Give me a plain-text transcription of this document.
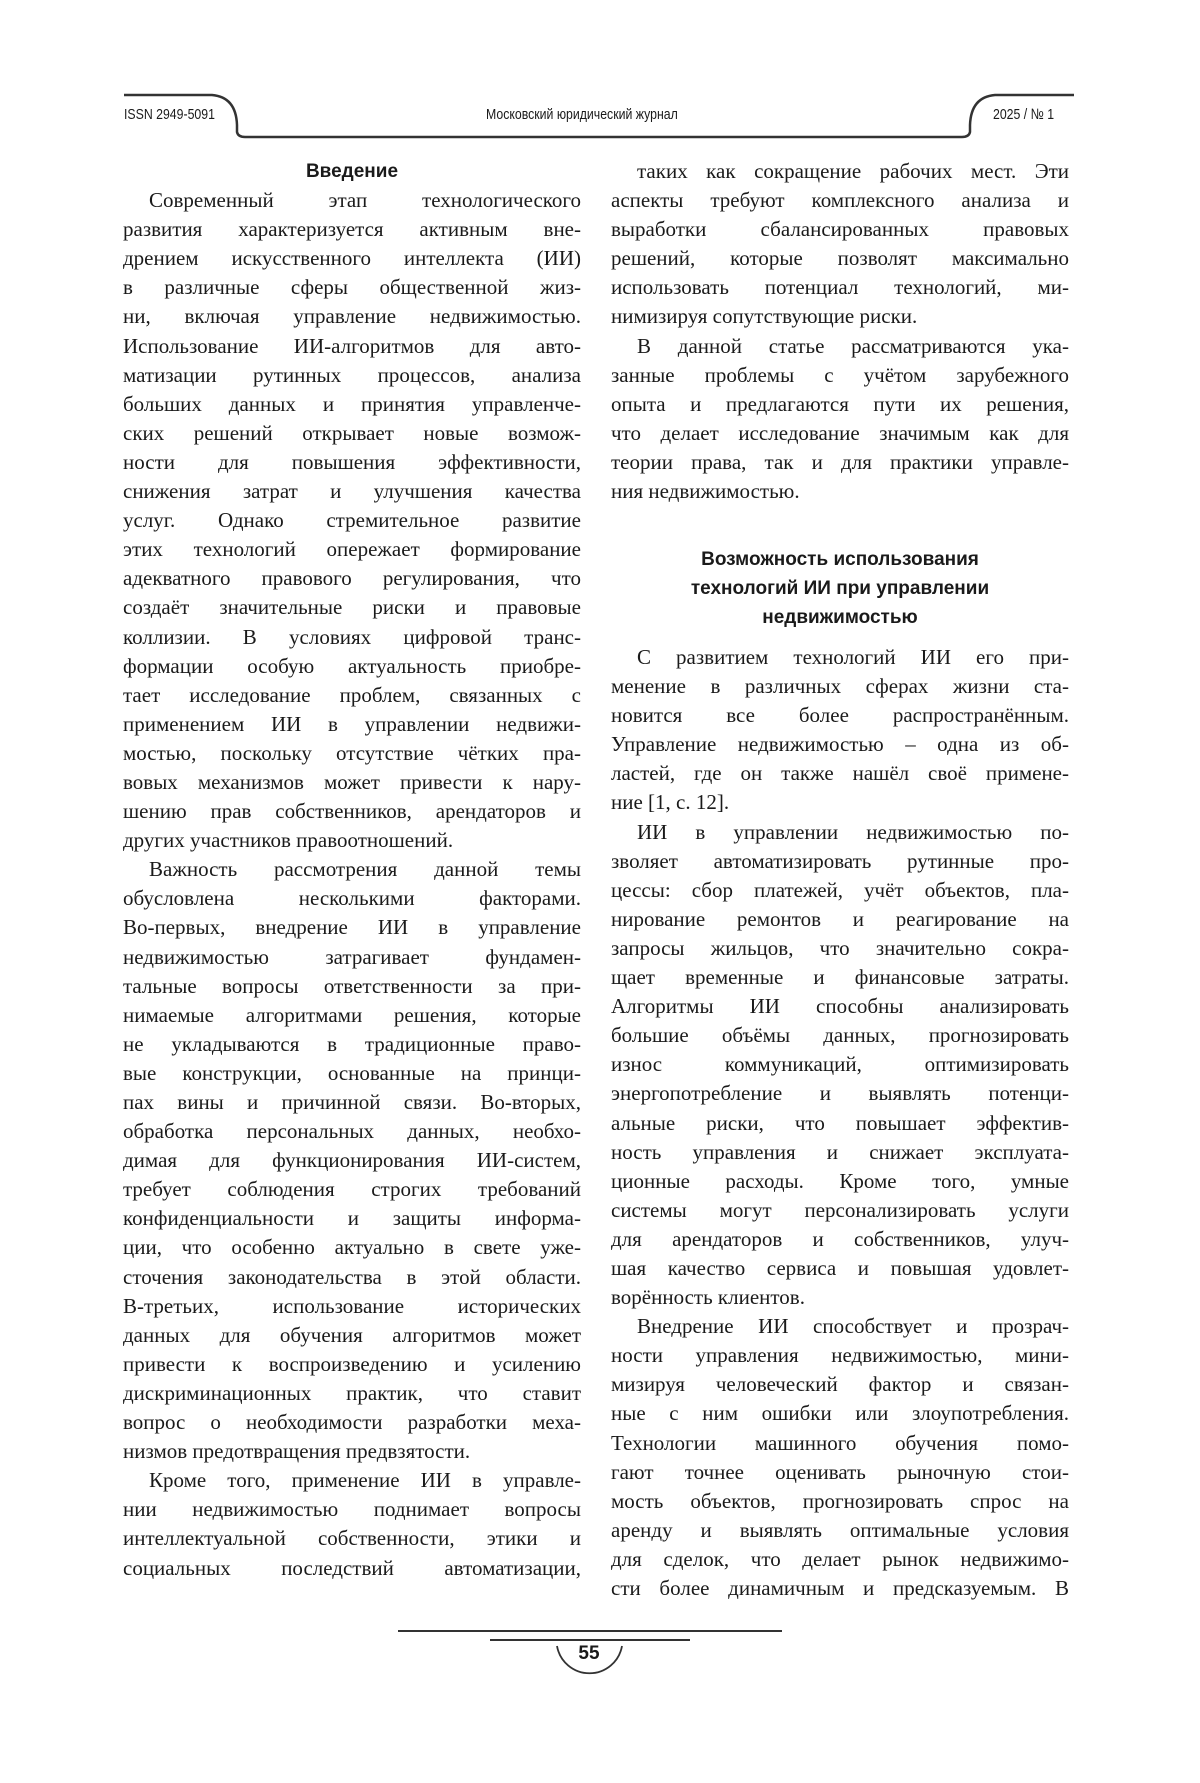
ISSN 2949-5091	Московский юридический журнал	2025 / № 1
Введение
Современный этап технологического
развития характеризуется активным вне-
дрением искусственного интеллекта (ИИ)
в различные сферы общественной жиз-
ни, включая управление недвижимостью.
Использование ИИ-алгоритмов для авто-
матизации рутинных процессов, анализа
больших данных и принятия управленче-
ских решений открывает новые возмож-
ности для повышения эффективности,
снижения затрат и улучшения качества
услуг. Однако стремительное развитие
этих технологий опережает формирование
адекватного правового регулирования, что
создаёт значительные риски и правовые
коллизии. В условиях цифровой транс-
формации особую актуальность приобре-
тает исследование проблем, связанных с
применением ИИ в управлении недвижи-
мостью, поскольку отсутствие чётких пра-
вовых механизмов может привести к нару-
шению прав собственников, арендаторов и
других участников правоотношений.
Важность рассмотрения данной темы
обусловлена несколькими факторами.
Во-первых, внедрение ИИ в управление
недвижимостью затрагивает фундамен-
тальные вопросы ответственности за при-
нимаемые алгоритмами решения, которые
не укладываются в традиционные право-
вые конструкции, основанные на принци-
пах вины и причинной связи. Во-вторых,
обработка персональных данных, необхо-
димая для функционирования ИИ-систем,
требует соблюдения строгих требований
конфиденциальности и защиты информа-
ции, что особенно актуально в свете уже-
сточения законодательства в этой области.
В-третьих, использование исторических
данных для обучения алгоритмов может
привести к воспроизведению и усилению
дискриминационных практик, что ставит
вопрос о необходимости разработки меха-
низмов предотвращения предвзятости.
Кроме того, применение ИИ в управле-
нии недвижимостью поднимает вопросы
интеллектуальной собственности, этики и
социальных последствий автоматизации,
таких как сокращение рабочих мест. Эти
аспекты требуют комплексного анализа и
выработки сбалансированных правовых
решений, которые позволят максимально
использовать потенциал технологий, ми-
нимизируя сопутствующие риски.
В данной статье рассматриваются ука-
занные проблемы с учётом зарубежного
опыта и предлагаются пути их решения,
что делает исследование значимым как для
теории права, так и для практики управле-
ния недвижимостью.
Возможность использования
технологий ИИ при управлении
недвижимостью
С развитием технологий ИИ его при-
менение в различных сферах жизни ста-
новится все более распространённым.
Управление недвижимостью – одна из об-
ластей, где он также нашёл своё примене-
ние [1, с. 12].
ИИ в управлении недвижимостью по-
зволяет автоматизировать рутинные про-
цессы: сбор платежей, учёт объектов, пла-
нирование ремонтов и реагирование на
запросы жильцов, что значительно сокра-
щает временные и финансовые затраты.
Алгоритмы ИИ способны анализировать
большие объёмы данных, прогнозировать
износ коммуникаций, оптимизировать
энергопотребление и выявлять потенци-
альные риски, что повышает эффектив-
ность управления и снижает эксплуата-
ционные расходы. Кроме того, умные
системы могут персонализировать услуги
для арендаторов и собственников, улуч-
шая качество сервиса и повышая удовлет-
ворённость клиентов.
Внедрение ИИ способствует и прозрач-
ности управления недвижимостью, мини-
мизируя человеческий фактор и связан-
ные с ним ошибки или злоупотребления.
Технологии машинного обучения помо-
гают точнее оценивать рыночную стои-
мость объектов, прогнозировать спрос на
аренду и выявлять оптимальные условия
для сделок, что делает рынок недвижимо-
сти более динамичным и предсказуемым. В
55
